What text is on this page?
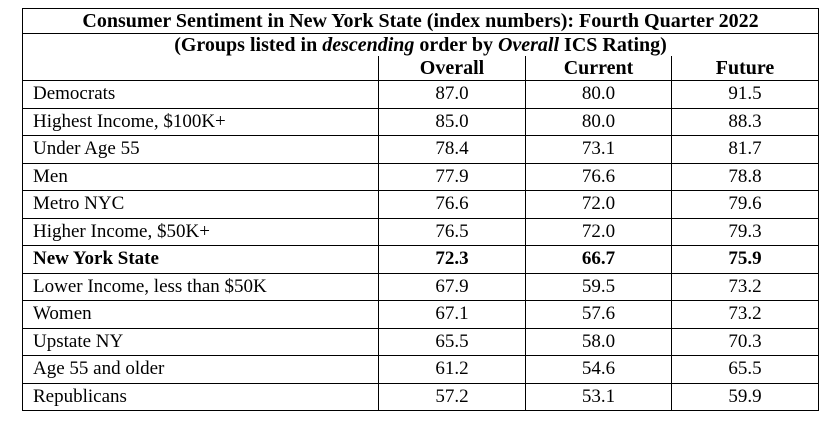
Consumer Sentiment in New York State (index numbers): Fourth Quarter 2022			
(Groups listed in descending order by Overall ICS Rating)			
	Overall	Current	Future
Democrats	87.0	80.0	91.5
Highest Income, $100K+	85.0	80.0	88.3
Under Age 55	78.4	73.1	81.7
Men	77.9	76.6	78.8
Metro NYC	76.6	72.0	79.6
Higher Income, $50K+	76.5	72.0	79.3
New York State	72.3	66.7	75.9
Lower Income, less than $50K	67.9	59.5	73.2
Women	67.1	57.6	73.2
Upstate NY	65.5	58.0	70.3
Age 55 and older	61.2	54.6	65.5
Republicans	57.2	53.1	59.9
